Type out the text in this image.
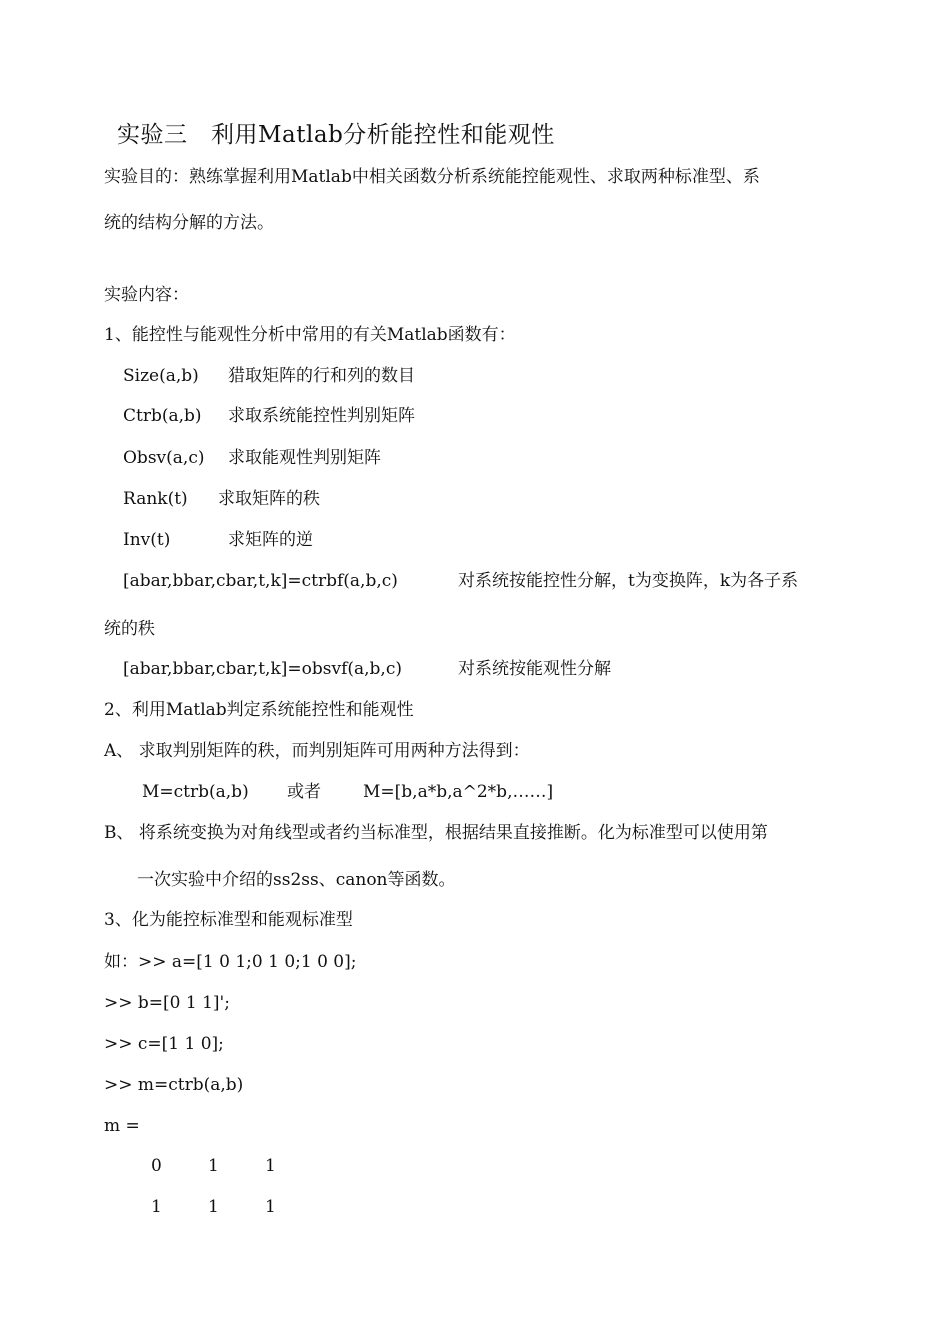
实验三　利用Matlab分析能控性和能观性
实验目的：熟练掌握利用Matlab中相关函数分析系统能控能观性、求取两种标准型、系
统的结构分解的方法。
实验内容：
1、能控性与能观性分析中常用的有关Matlab函数有：
Size(a,b) 猎取矩阵的行和列的数目
Ctrb(a,b) 求取系统能控性判别矩阵
Obsv(a,c) 求取能观性判别矩阵
Rank(t) 求取矩阵的秩
Inv(t)	求矩阵的逆
[abar,bbar,cbar,t,k]=ctrbf(a,b,c)	对系统按能控性分解，t为变换阵，k为各子系
统的秩
[abar,bbar,cbar,t,k]=obsvf(a,b,c)	对系统按能观性分解
2、利用Matlab判定系统能控性和能观性
A、 求取判别矩阵的秩，而判别矩阵可用两种方法得到：
M=ctrb(a,b) 或者 M=[b,a*b,a^2*b,……]
B、 将系统变换为对角线型或者约当标准型，根据结果直接推断。化为标准型可以使用第
一次实验中介绍的ss2ss、canon等函数。
3、化为能控标准型和能观标准型
如：>> a=[1 0 1;0 1 0;1 0 0];
>> b=[0 1 1]';
>> c=[1 1 0];
>> m=ctrb(a,b)
m =
0	1	1
1	1	1
